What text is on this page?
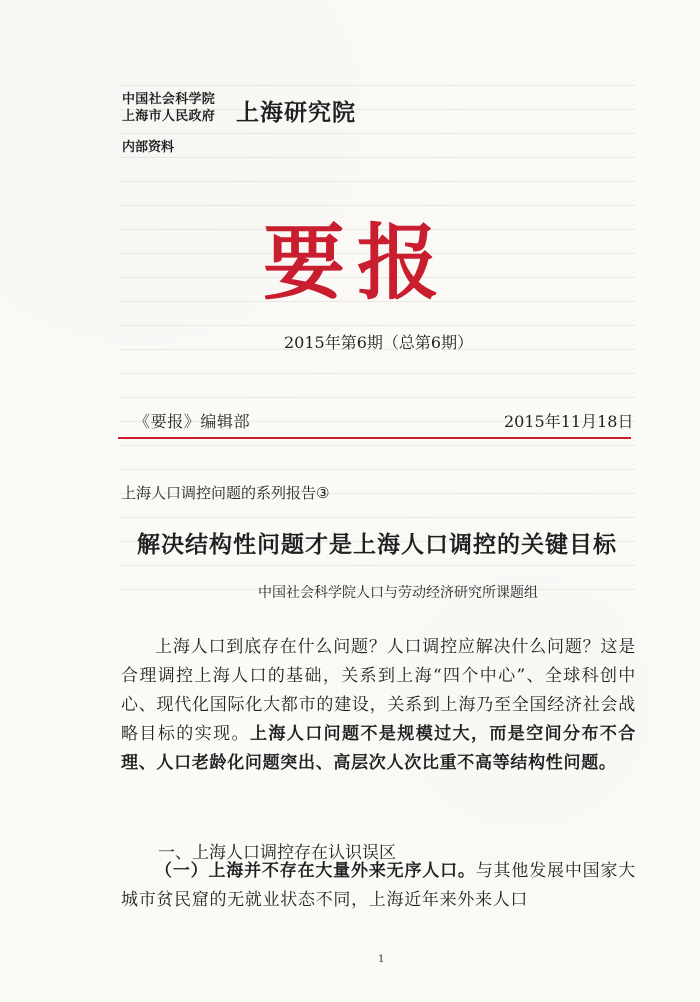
中国社会科学院
上海市人民政府 上海研究院
内部资料
要报
2015年第6期（总第6期）
《要报》编辑部	2015年11月18日
上海人口调控问题的系列报告③
解决结构性问题才是上海人口调控的关键目标
中国社会科学院人口与劳动经济研究所课题组

上海人口到底存在什么问题？人口调控应解决什么问题？这是合理调控上海人口的基础，关系到上海“四个中心”、全球科创中心、现代化国际化大都市的建设，关系到上海乃至全国经济社会战略目标的实现。上海人口问题不是规模过大，而是空间分布不合理、人口老龄化问题突出、高层次人次比重不高等结构性问题。

一、上海人口调控存在认识误区

（一）上海并不存在大量外来无序人口。与其他发展中国家大城市贫民窟的无就业状态不同，上海近年来外来人口

1
